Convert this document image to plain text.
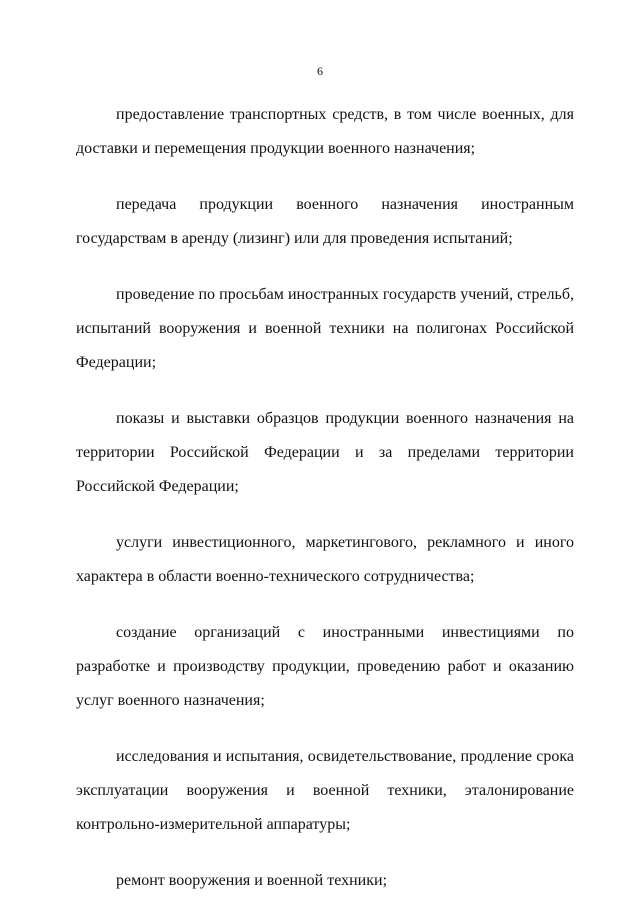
6

предоставление транспортных средств, в том числе военных, для доставки и перемещения продукции военного назначения;

передача продукции военного назначения иностранным государствам в аренду (лизинг) или для проведения испытаний;

проведение по просьбам иностранных государств учений, стрельб, испытаний вооружения и военной техники на полигонах Российской Федерации;

показы и выставки образцов продукции военного назначения на территории Российской Федерации и за пределами территории Российской Федерации;

услуги инвестиционного, маркетингового, рекламного и иного характера в области военно-технического сотрудничества;

создание организаций с иностранными инвестициями по разработке и производству продукции, проведению работ и оказанию услуг военного назначения;

исследования и испытания, освидетельствование, продление срока эксплуатации вооружения и военной техники, эталонирование контрольно-измерительной аппаратуры;

ремонт вооружения и военной техники;
